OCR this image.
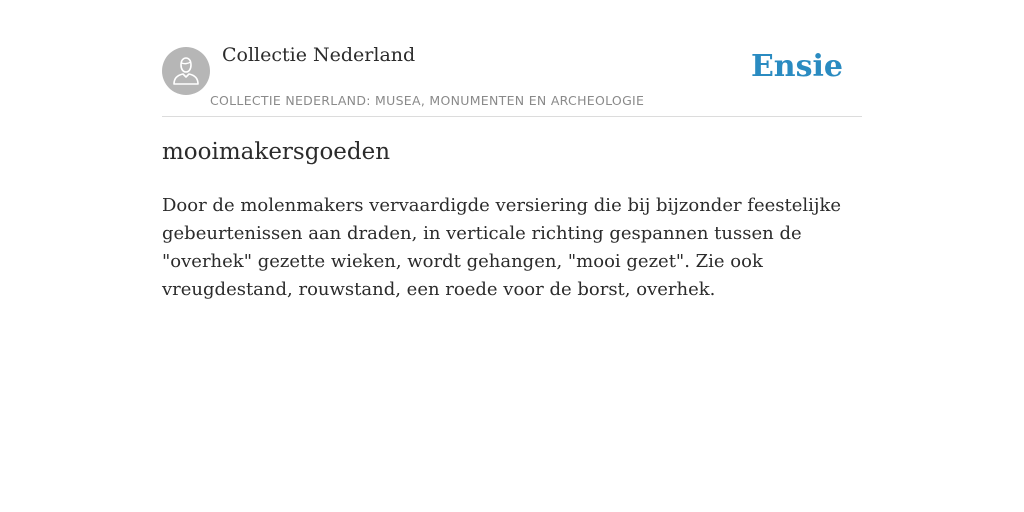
Collectie Nederland
COLLECTIE NEDERLAND: MUSEA, MONUMENTEN EN ARCHEOLOGIE
Ensie
mooimakersgoeden

Door de molenmakers vervaardigde versiering die bij bijzonder feestelijke gebeurtenissen aan draden, in verticale richting gespannen tussen de "overhek" gezette wieken, wordt gehangen, "mooi gezet". Zie ook vreugdestand, rouwstand, een roede voor de borst, overhek.
